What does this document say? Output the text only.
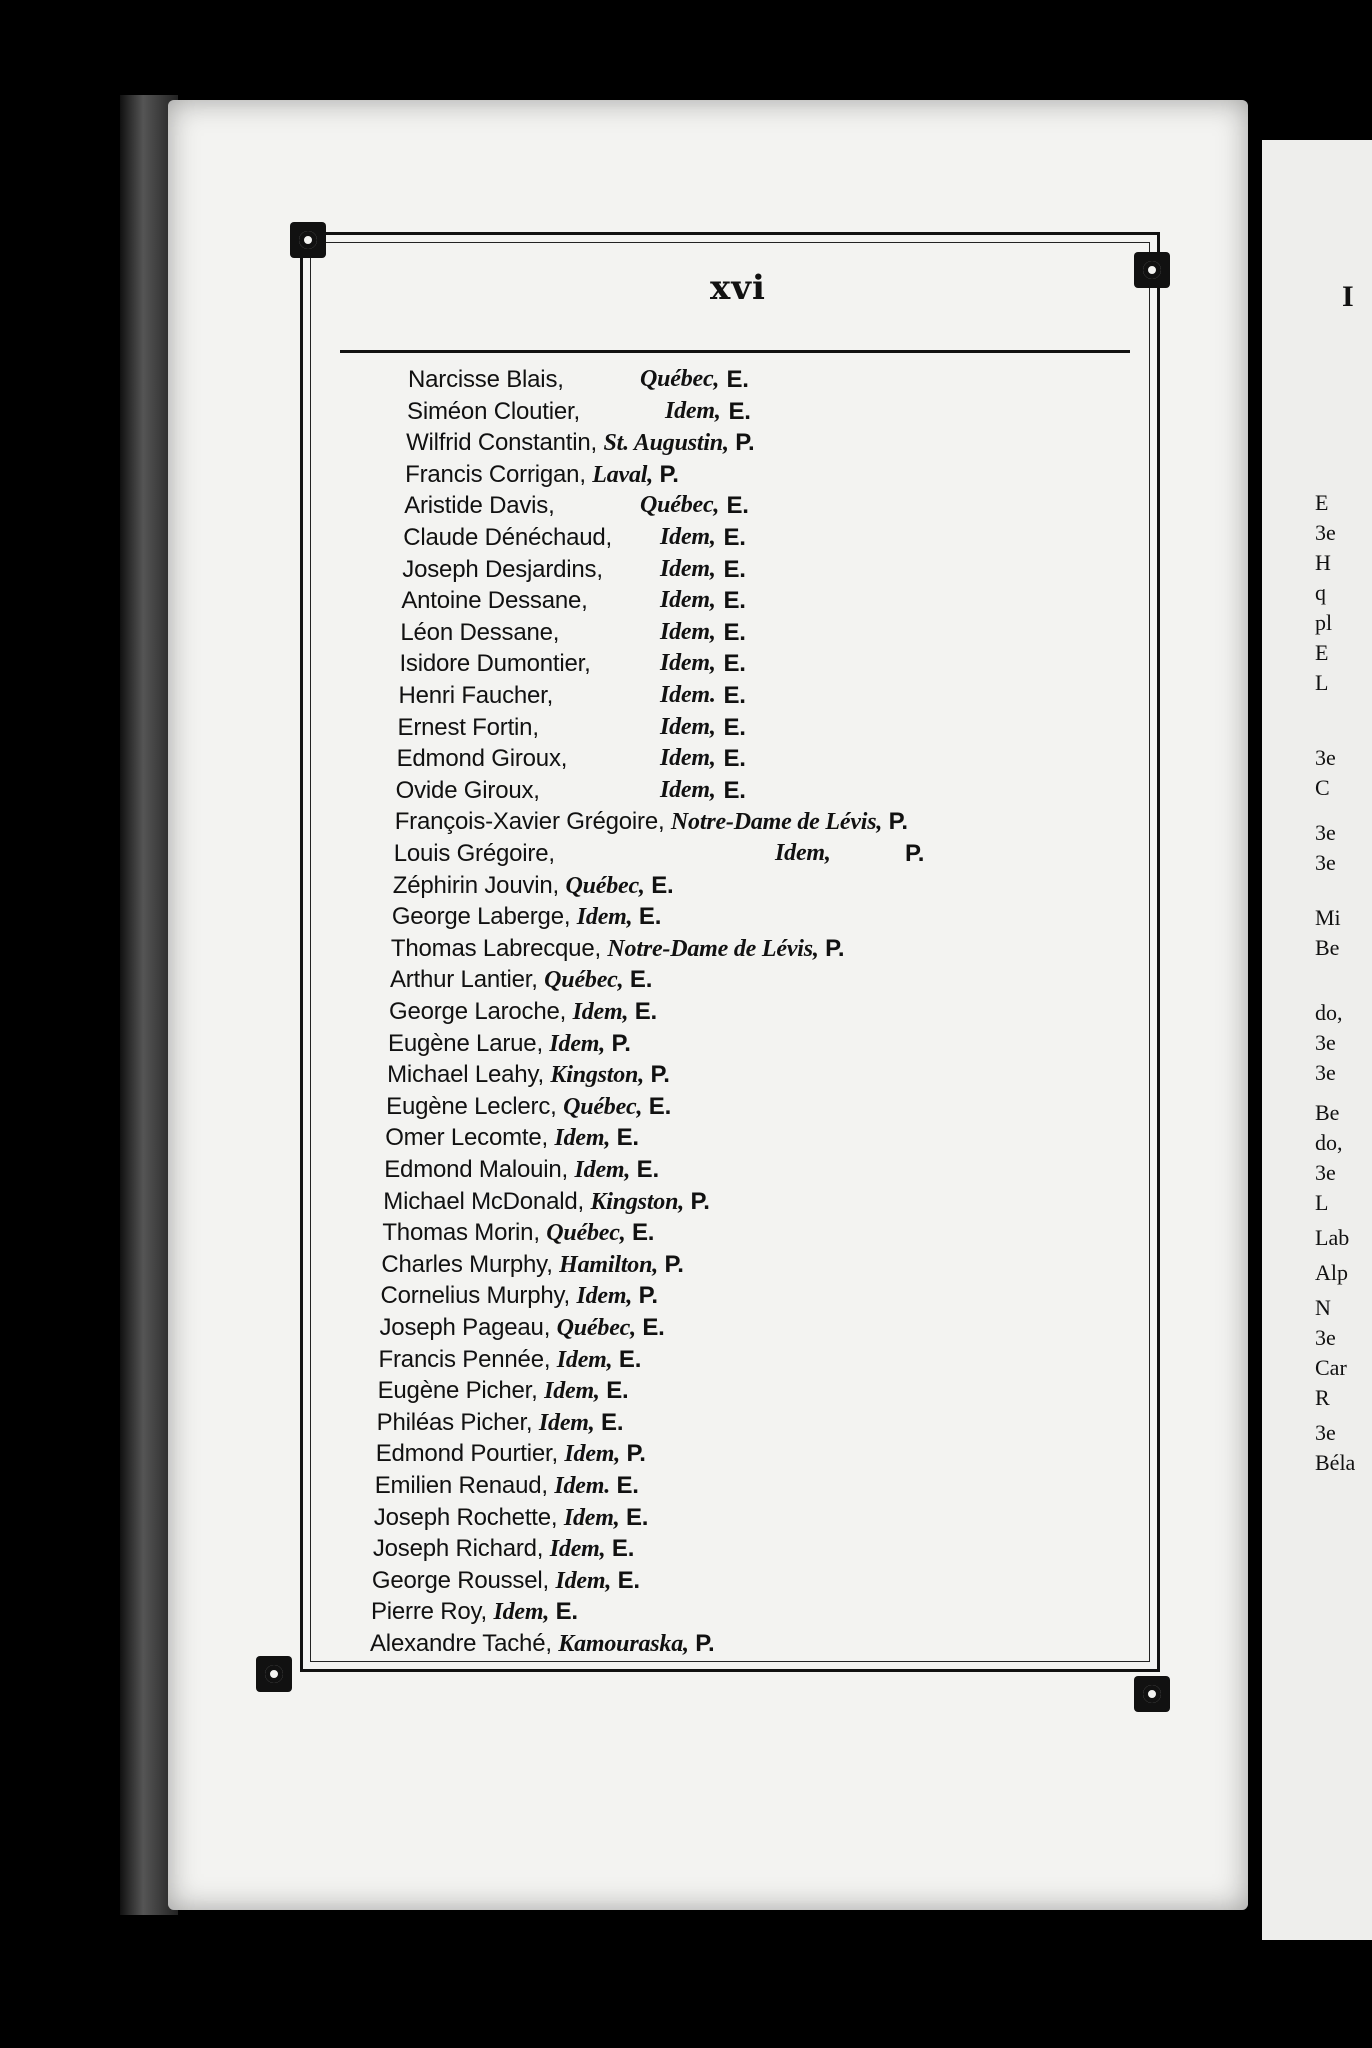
xvi
Narcisse Blais,	Québec, E.
Siméon Cloutier,	Idem, E.
Wilfrid Constantin, St. Augustin, P.
Francis Corrigan, Laval, P.
Aristide Davis,	Québec, E.
Claude Dénéchaud, Idem, E.
Joseph Desjardins, Idem, E.
Antoine Dessane,	Idem, E.
Léon Dessane,	Idem, E.
Isidore Dumontier,	Idem, E.
Henri Faucher,	Idem. E.
Ernest Fortin,	Idem, E.
Edmond Giroux,	Idem, E.
Ovide Giroux,	Idem, E.
François-Xavier Grégoire, Notre-Dame de Lévis, P.
Louis Grégoire,	Idem,	P.
Zéphirin Jouvin, Québec, E.
George Laberge, Idem, E.
Thomas Labrecque, Notre-Dame de Lévis, P.
Arthur Lantier, Québec, E.
George Laroche, Idem, E.
Eugène Larue, Idem, P.
Michael Leahy, Kingston, P.
Eugène Leclerc, Québec, E.
Omer Lecomte, Idem, E.
Edmond Malouin, Idem, E.
Michael McDonald, Kingston, P.
Thomas Morin, Québec, E.
Charles Murphy, Hamilton, P.
Cornelius Murphy, Idem, P.
Joseph Pageau, Québec, E.
Francis Pennée, Idem, E.
Eugène Picher, Idem, E.
Philéas Picher, Idem, E.
Edmond Pourtier, Idem, P.
Emilien Renaud, Idem. E.
Joseph Rochette, Idem, E.
Joseph Richard, Idem, E.
George Roussel, Idem, E.
Pierre Roy, Idem, E.
Alexandre Taché, Kamouraska, P.
I
E
3e
H
q
pl
E
L
3e
C
3e
3e
Mi
Be
do,
3e
3e
Be
do,
3e
L
Lab
Alp
N
3e
Car
R
3e
Béla
